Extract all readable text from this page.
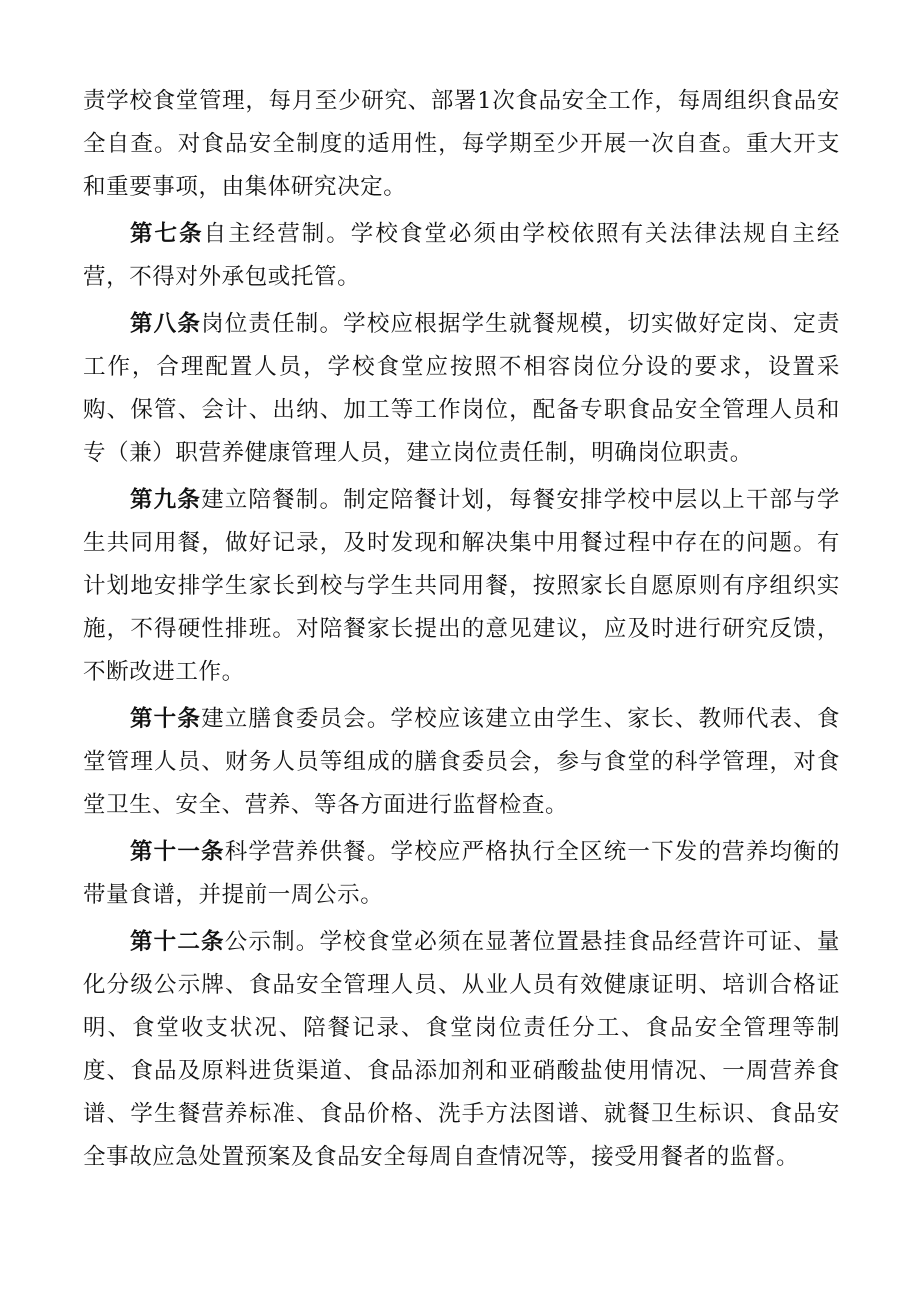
责学校食堂管理，每月至少研究、部署1次食品安全工作，每周组织食品安全自查。对食品安全制度的适用性，每学期至少开展一次自查。重大开支和重要事项，由集体研究决定。

第七条自主经营制。学校食堂必须由学校依照有关法律法规自主经营，不得对外承包或托管。

第八条岗位责任制。学校应根据学生就餐规模，切实做好定岗、定责工作，合理配置人员，学校食堂应按照不相容岗位分设的要求，设置采购、保管、会计、出纳、加工等工作岗位，配备专职食品安全管理人员和专（兼）职营养健康管理人员，建立岗位责任制，明确岗位职责。

第九条建立陪餐制。制定陪餐计划，每餐安排学校中层以上干部与学生共同用餐，做好记录，及时发现和解决集中用餐过程中存在的问题。有计划地安排学生家长到校与学生共同用餐，按照家长自愿原则有序组织实施，不得硬性排班。对陪餐家长提出的意见建议，应及时进行研究反馈，不断改进工作。

第十条建立膳食委员会。学校应该建立由学生、家长、教师代表、食堂管理人员、财务人员等组成的膳食委员会，参与食堂的科学管理，对食堂卫生、安全、营养、等各方面进行监督检查。

第十一条科学营养供餐。学校应严格执行全区统一下发的营养均衡的带量食谱，并提前一周公示。

第十二条公示制。学校食堂必须在显著位置悬挂食品经营许可证、量化分级公示牌、食品安全管理人员、从业人员有效健康证明、培训合格证明、食堂收支状况、陪餐记录、食堂岗位责任分工、食品安全管理等制度、食品及原料进货渠道、食品添加剂和亚硝酸盐使用情况、一周营养食谱、学生餐营养标准、食品价格、洗手方法图谱、就餐卫生标识、食品安全事故应急处置预案及食品安全每周自查情况等，接受用餐者的监督。
